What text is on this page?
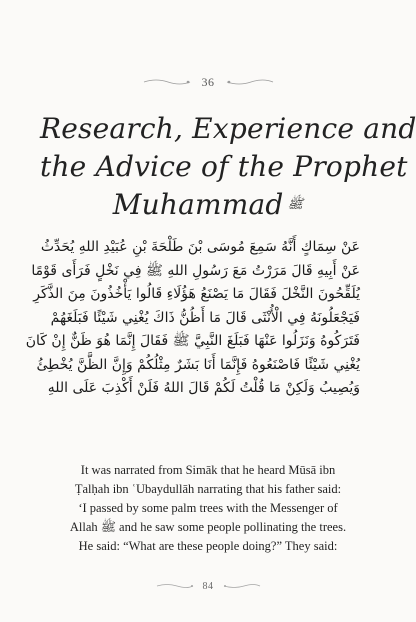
36
Research, Experience and
the Advice of the Prophet
Muhammad ﷺ
عَنْ سِمَاكٍ أَنَّهُ سَمِعَ مُوسَى بْنَ طَلْحَةَ بْنِ عُبَيْدِ اللهِ يُحَدِّثُ
عَنْ أَبِيهِ قَالَ مَرَرْتُ مَعَ رَسُولِ اللهِ ﷺ فِي نَخْلٍ فَرَأَى قَوْمًا
يُلَقِّحُونَ النَّخْلَ فَقَالَ مَا يَصْنَعُ هَؤُلَاءِ قَالُوا يَأْخُذُونَ مِنَ الذَّكَرِ
فَيَجْعَلُونَهُ فِي الْأُنْثَى قَالَ مَا أَظُنُّ ذَاكَ يُغْنِي شَيْئًا فَبَلَغَهُمْ
فَتَرَكُوهُ وَنَزَلُوا عَنْهَا فَبَلَغَ النَّبِيَّ ﷺ فَقَالَ إِنَّمَا هُوَ ظَنٌّ إِنْ كَانَ
يُغْنِي شَيْئًا فَاصْنَعُوهُ فَإِنَّمَا أَنَا بَشَرٌ مِثْلُكُمْ وَإِنَّ الظَّنَّ يُخْطِئُ
وَيُصِيبُ وَلَكِنْ مَا قُلْتُ لَكُمْ قَالَ اللهُ فَلَنْ أَكْذِبَ عَلَى اللهِ
It was narrated from Simāk that he heard Mūsā ibn
Ṭalḥah ibn ʿUbaydullāh narrating that his father said:
‘I passed by some palm trees with the Messenger of
Allah ﷺ and he saw some people pollinating the trees.
He said: “What are these people doing?” They said:
84
